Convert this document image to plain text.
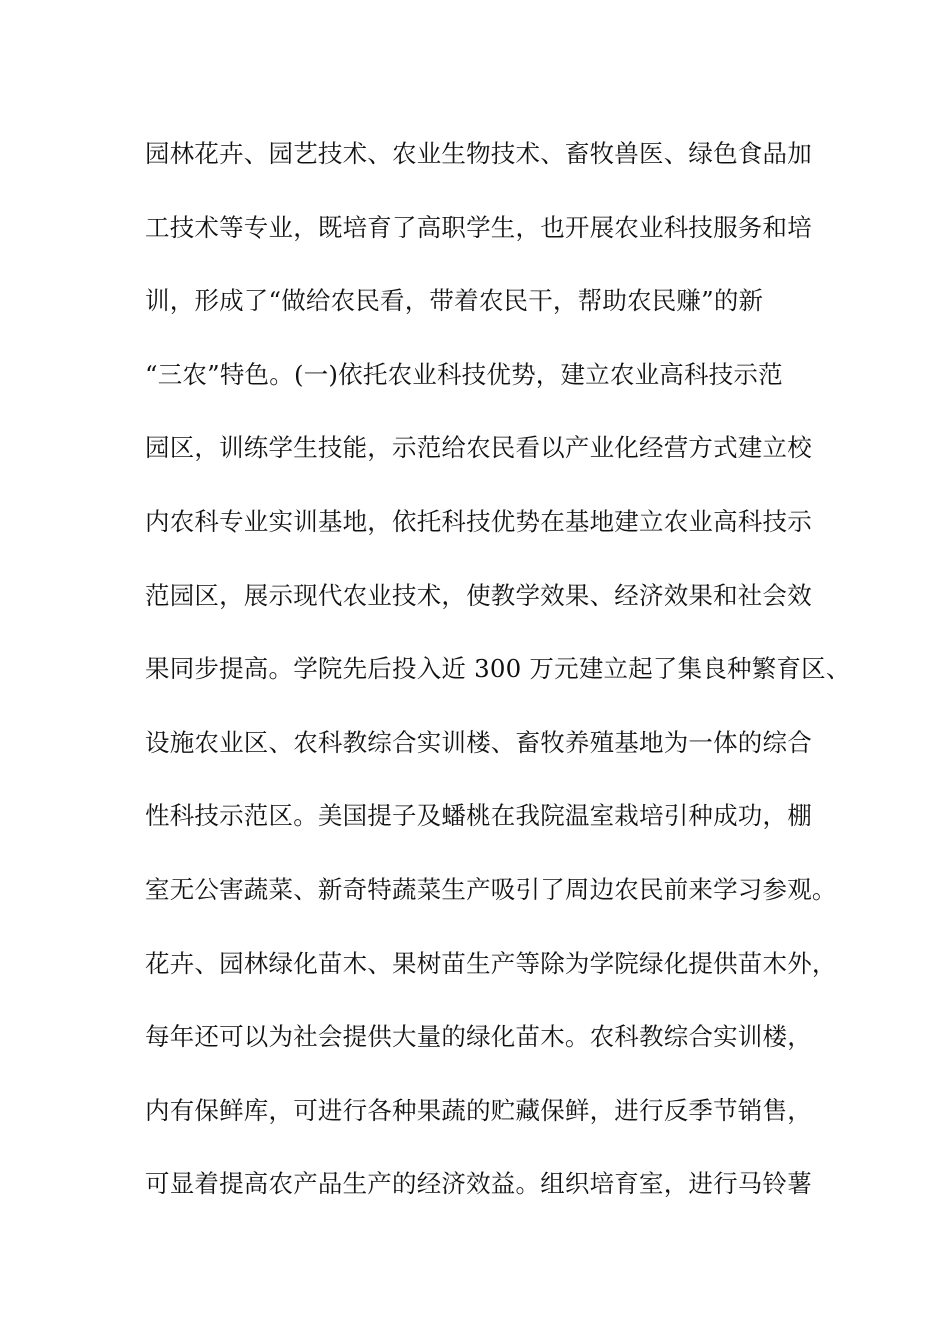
园林花卉、园艺技术、农业生物技术、畜牧兽医、绿色食品加
工技术等专业，既培育了高职学生，也开展农业科技服务和培
训，形成了“做给农民看，带着农民干，帮助农民赚”的新
“三农”特色。(一)依托农业科技优势，建立农业高科技示范
园区，训练学生技能，示范给农民看以产业化经营方式建立校
内农科专业实训基地，依托科技优势在基地建立农业高科技示
范园区，展示现代农业技术，使教学效果、经济效果和社会效
果同步提高。学院先后投入近 300 万元建立起了集良种繁育区、
设施农业区、农科教综合实训楼、畜牧养殖基地为一体的综合
性科技示范区。美国提子及蟠桃在我院温室栽培引种成功，棚
室无公害蔬菜、新奇特蔬菜生产吸引了周边农民前来学习参观。
花卉、园林绿化苗木、果树苗生产等除为学院绿化提供苗木外，
每年还可以为社会提供大量的绿化苗木。农科教综合实训楼，
内有保鲜库，可进行各种果蔬的贮藏保鲜，进行反季节销售，
可显着提高农产品生产的经济效益。组织培育室，进行马铃薯
